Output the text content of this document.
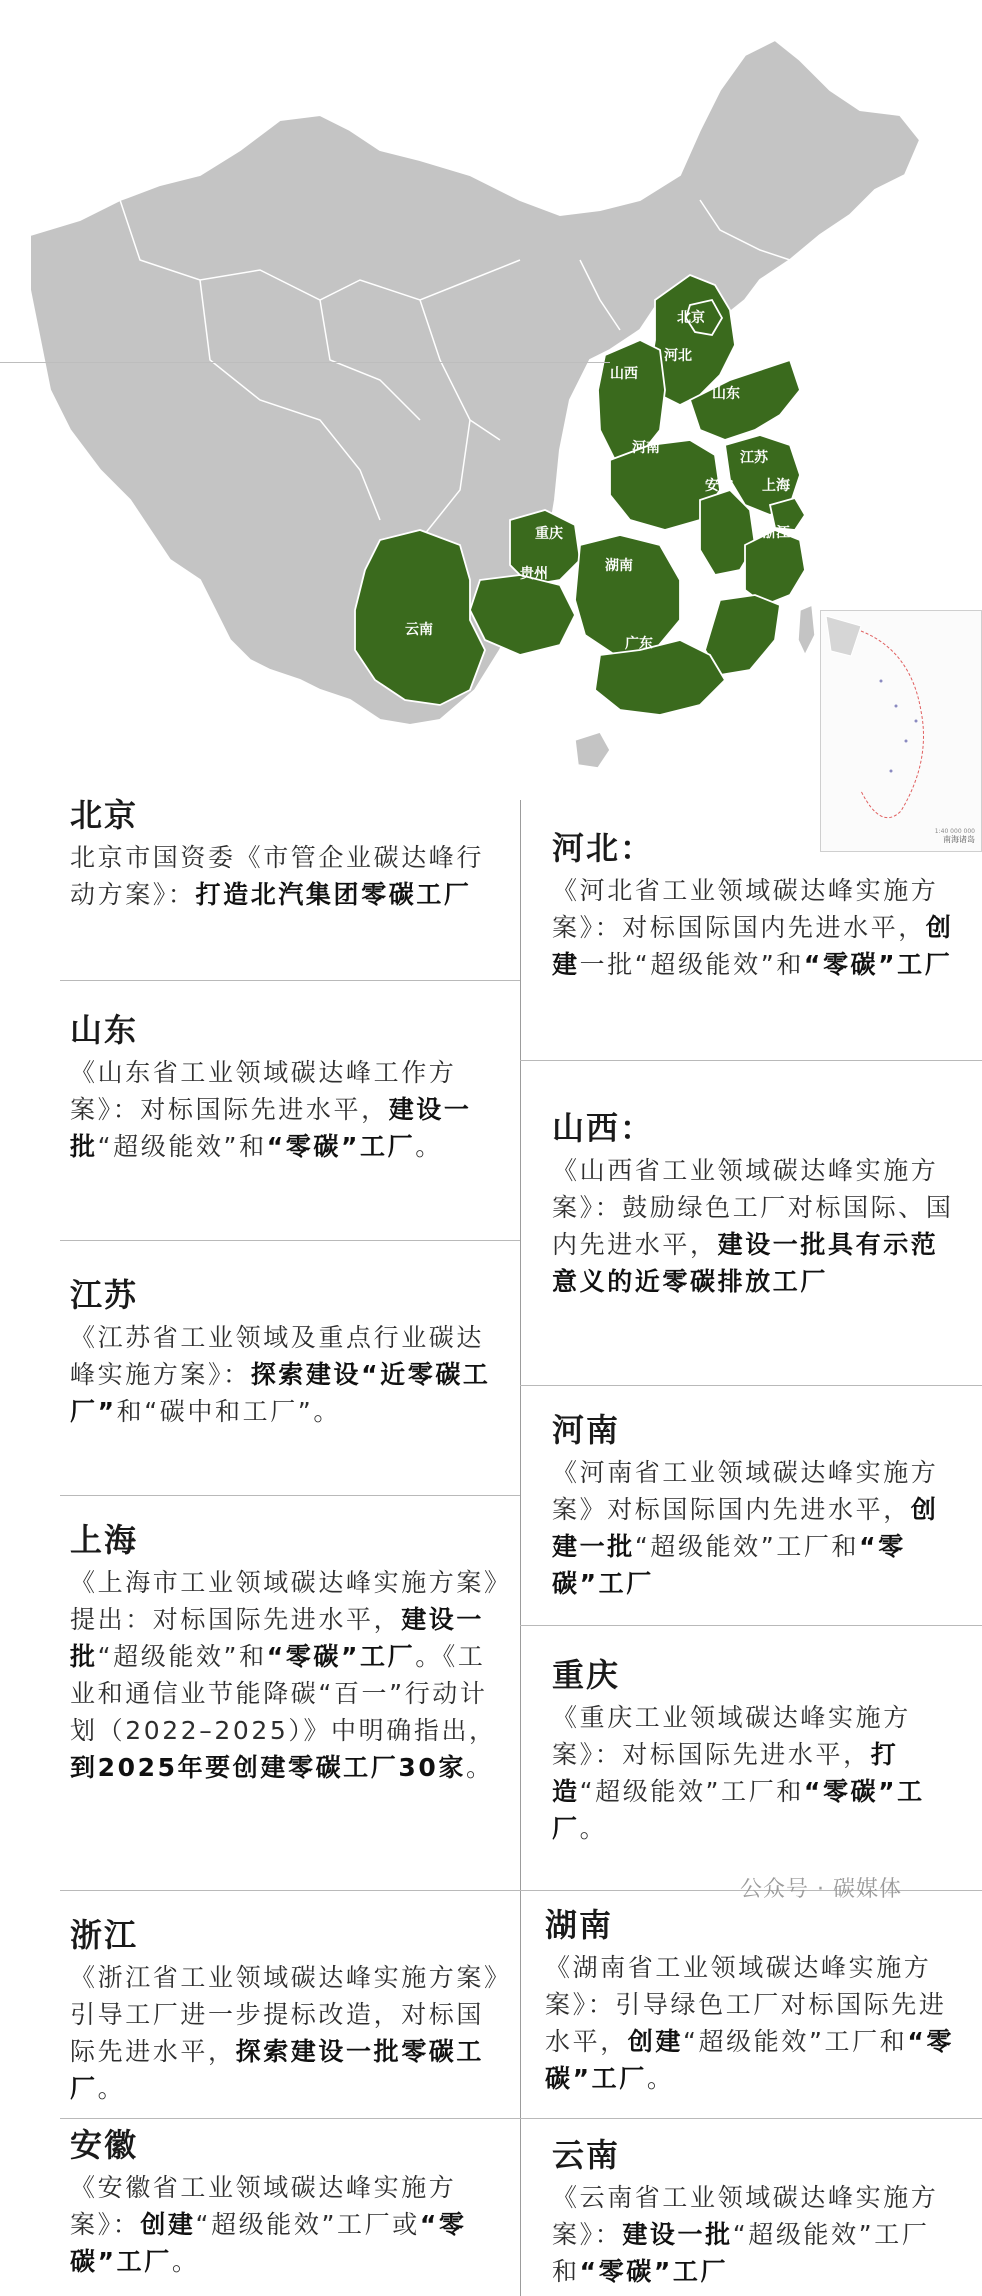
北京
河北
山西
山东
河南
江苏
安徽 上海
重庆	浙江
贵州	湖南
福建
云南
广东
1:40 000 000
南海诸岛
北京
北京市国资委《市管企业碳达峰行动方案》：打造北汽集团零碳工厂
山东
《山东省工业领域碳达峰工作方案》：对标国际先进水平，建设一批“超级能效”和“零碳”工厂。
江苏
《江苏省工业领域及重点行业碳达峰实施方案》：探索建设“近零碳工厂”和“碳中和工厂”。
上海
《上海市工业领域碳达峰实施方案》提出：对标国际先进水平，建设一批“超级能效”和“零碳”工厂。《工业和通信业节能降碳“百一”行动计划（2022–2025）》中明确指出，到2025年要创建零碳工厂30家。
浙江
《浙江省工业领域碳达峰实施方案》引导工厂进一步提标改造，对标国际先进水平，探索建设一批零碳工厂。
安徽
《安徽省工业领域碳达峰实施方案》：创建“超级能效”工厂或“零碳”工厂。
河北：
《河北省工业领域碳达峰实施方案》：对标国际国内先进水平，创建一批“超级能效”和“零碳”工厂
山西：
《山西省工业领域碳达峰实施方案》：鼓励绿色工厂对标国际、国内先进水平，建设一批具有示范意义的近零碳排放工厂
河南
《河南省工业领域碳达峰实施方案》对标国际国内先进水平，创建一批“超级能效”工厂和“零碳”工厂
重庆
《重庆工业领域碳达峰实施方案》：对标国际先进水平，打造“超级能效”工厂和“零碳”工厂。
湖南
《湖南省工业领域碳达峰实施方案》：引导绿色工厂对标国际先进水平，创建“超级能效”工厂和“零碳”工厂。
云南
《云南省工业领域碳达峰实施方案》：建设一批“超级能效”工厂和“零碳”工厂
公众号 · 碳媒体
